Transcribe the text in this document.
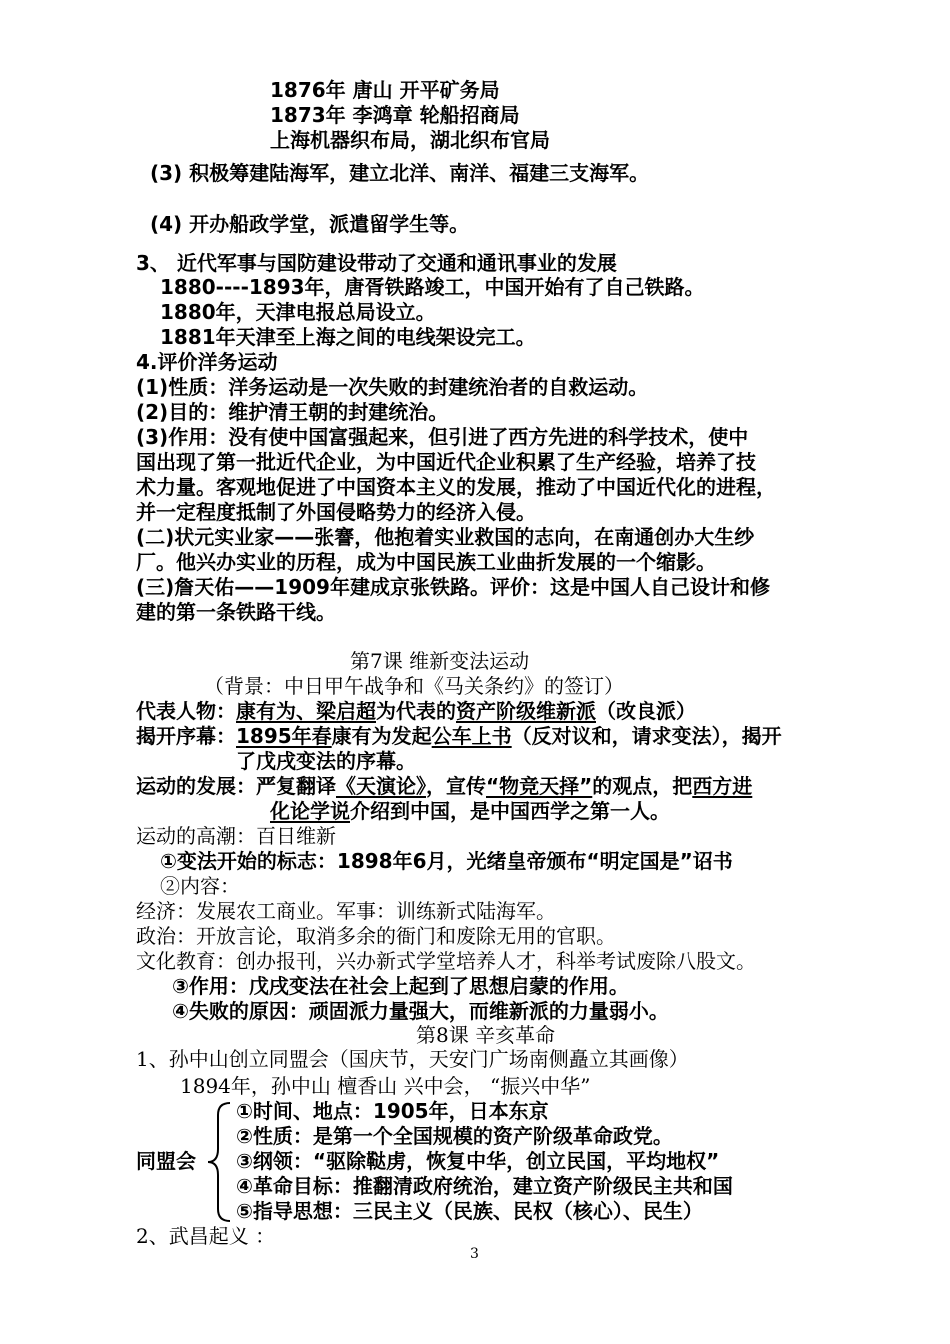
1876年 唐山 开平矿务局
1873年 李鸿章 轮船招商局
上海机器织布局，湖北织布官局
(3) 积极筹建陆海军，建立北洋、南洋、福建三支海军。
(4) 开办船政学堂，派遣留学生等。
3、 近代军事与国防建设带动了交通和通讯事业的发展
1880----1893年，唐胥铁路竣工，中国开始有了自己铁路。
1880年，天津电报总局设立。
1881年天津至上海之间的电线架设完工。
4.评价洋务运动
(1)性质：洋务运动是一次失败的封建统治者的自救运动。
(2)目的：维护清王朝的封建统治。
(3)作用：没有使中国富强起来，但引进了西方先进的科学技术，使中
国出现了第一批近代企业，为中国近代企业积累了生产经验，培养了技
术力量。客观地促进了中国资本主义的发展，推动了中国近代化的进程，
并一定程度抵制了外国侵略势力的经济入侵。
(二)状元实业家——张謇，他抱着实业救国的志向，在南通创办大生纱
厂。他兴办实业的历程，成为中国民族工业曲折发展的一个缩影。
(三)詹天佑——1909年建成京张铁路。评价：这是中国人自己设计和修
建的第一条铁路干线。
第7课 维新变法运动
（背景：中日甲午战争和《马关条约》的签订）
代表人物：康有为、梁启超为代表的资产阶级维新派（改良派）
揭开序幕：1895年春康有为发起公车上书（反对议和，请求变法），揭开
了戊戌变法的序幕。
运动的发展：严复翻译《天演论》，宣传“物竞天择”的观点，把西方进
化论学说介绍到中国，是中国西学之第一人。
运动的高潮：百日维新
①变法开始的标志：1898年6月，光绪皇帝颁布“明定国是”诏书
②内容：
经济：发展农工商业。军事：训练新式陆海军。
政治：开放言论，取消多余的衙门和废除无用的官职。
文化教育：创办报刊，兴办新式学堂培养人才，科举考试废除八股文。
③作用：戊戌变法在社会上起到了思想启蒙的作用。
④失败的原因：顽固派力量强大，而维新派的力量弱小。
第8课 辛亥革命
1、孙中山创立同盟会（国庆节，天安门广场南侧矗立其画像）
1894年，孙中山 檀香山 兴中会， “振兴中华”
①时间、地点：1905年，日本东京
②性质：是第一个全国规模的资产阶级革命政党。
同盟会 ③纲领：“驱除鞑虏，恢复中华，创立民国，平均地权”
④革命目标：推翻清政府统治，建立资产阶级民主共和国
⑤指导思想：三民主义（民族、民权（核心）、民生）
2、武昌起义 ：
3
